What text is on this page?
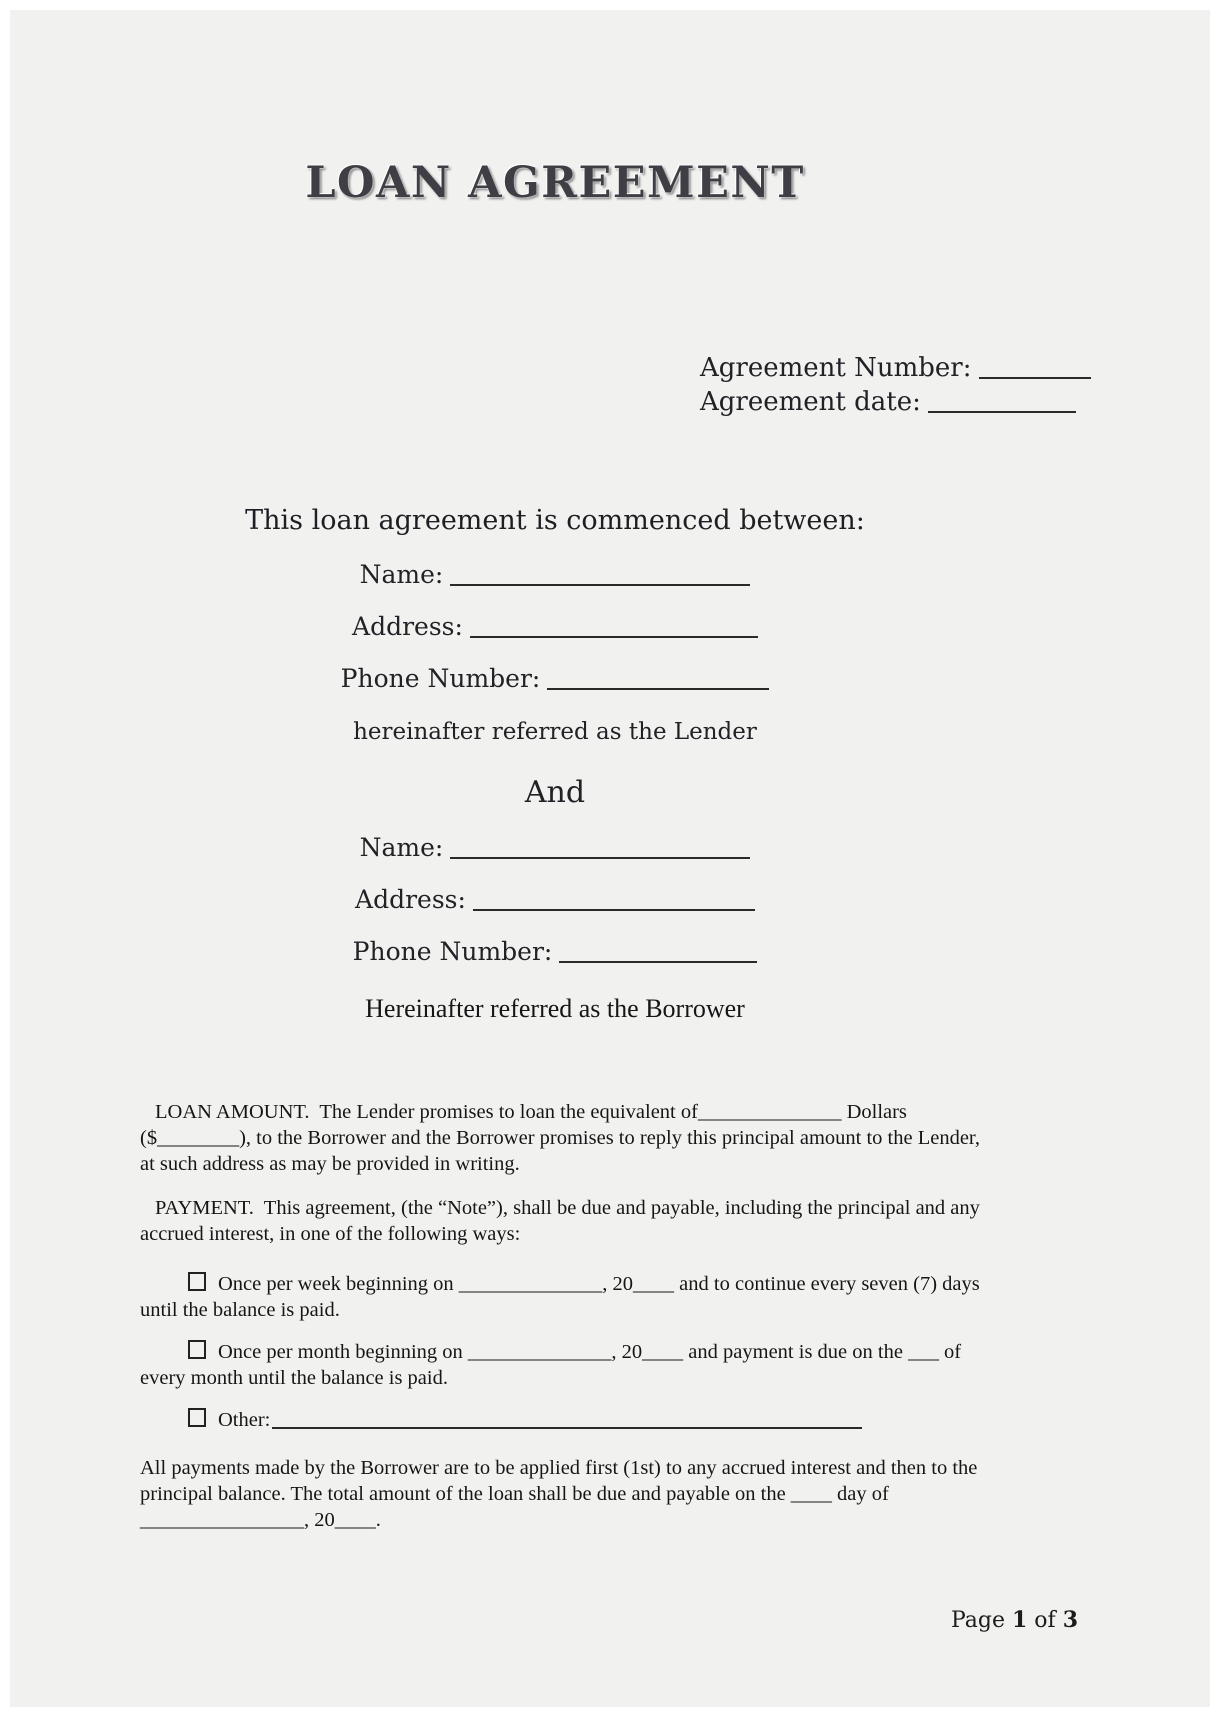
LOAN AGREEMENT
Agreement Number:
Agreement date:
This loan agreement is commenced between:
Name:
Address:
Phone Number:
hereinafter referred as the Lender
And
Name:
Address:
Phone Number:
Hereinafter referred as the Borrower

LOAN AMOUNT.  The Lender promises to loan the equivalent of______________ Dollars ($________), to the Borrower and the Borrower promises to reply this principal amount to the Lender, at such address as may be provided in writing.

PAYMENT.  This agreement, (the “Note”), shall be due and payable, including the principal and any accrued interest, in one of the following ways:

Once per week beginning on ______________, 20____ and to continue every seven (7) days until the balance is paid.

Once per month beginning on ______________, 20____ and payment is due on the ___ of every month until the balance is paid.

Other:

All payments made by the Borrower are to be applied first (1st) to any accrued interest and then to the principal balance. The total amount of the loan shall be due and payable on the ____ day of ________________, 20____.

Page 1 of 3
